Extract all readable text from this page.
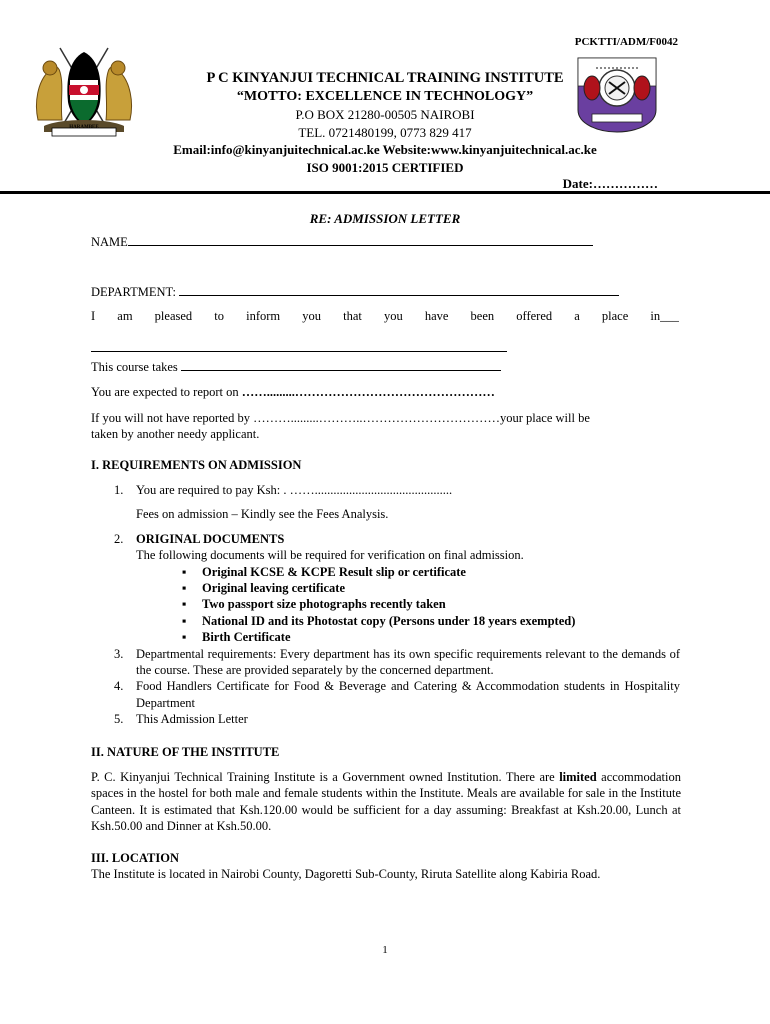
PCKTTI/ADM/F0042
HARAMBEE
P C KINYANJUI TECHNICAL TRAINING INSTITUTE
“MOTTO: EXCELLENCE IN TECHNOLOGY”
P.O BOX 21280-00505 NAIROBI
TEL. 0721480199, 0773 829 417
Email:info@kinyanjuitechnical.ac.ke Website:www.kinyanjuitechnical.ac.ke
ISO 9001:2015 CERTIFIED
Date:……………
RE: ADMISSION LETTER
NAME
DEPARTMENT:
I am pleased to inform you that you have been offered a place in___
This course takes
You are expected to report on …….........…………………………………………
If you will not have reported by ……….........………..……………………………your place will be
taken by another needy applicant.
I. REQUIREMENTS ON ADMISSION
1. You are required to pay Ksh: . ……............................................
Fees on admission – Kindly see the Fees Analysis.
2. ORIGINAL DOCUMENTS
The following documents will be required for verification on final admission.
▪ Original KCSE & KCPE Result slip or certificate
▪ Original leaving certificate
▪ Two passport size photographs recently taken
▪ National ID and its Photostat copy (Persons under 18 years exempted)
▪ Birth Certificate
3. Departmental requirements: Every department has its own specific requirements relevant to the demands of the course. These are provided separately by the concerned department.
4. Food Handlers Certificate for Food & Beverage and Catering & Accommodation students in Hospitality Department
5. This Admission Letter
II. NATURE OF THE INSTITUTE
P. C. Kinyanjui Technical Training Institute is a Government owned Institution. There are limited accommodation spaces in the hostel for both male and female students within the Institute. Meals are available for sale in the Institute Canteen. It is estimated that Ksh.120.00 would be sufficient for a day assuming: Breakfast at Ksh.20.00, Lunch at Ksh.50.00 and Dinner at Ksh.50.00.
III. LOCATION
The Institute is located in Nairobi County, Dagoretti Sub-County, Riruta Satellite along Kabiria Road.
1
